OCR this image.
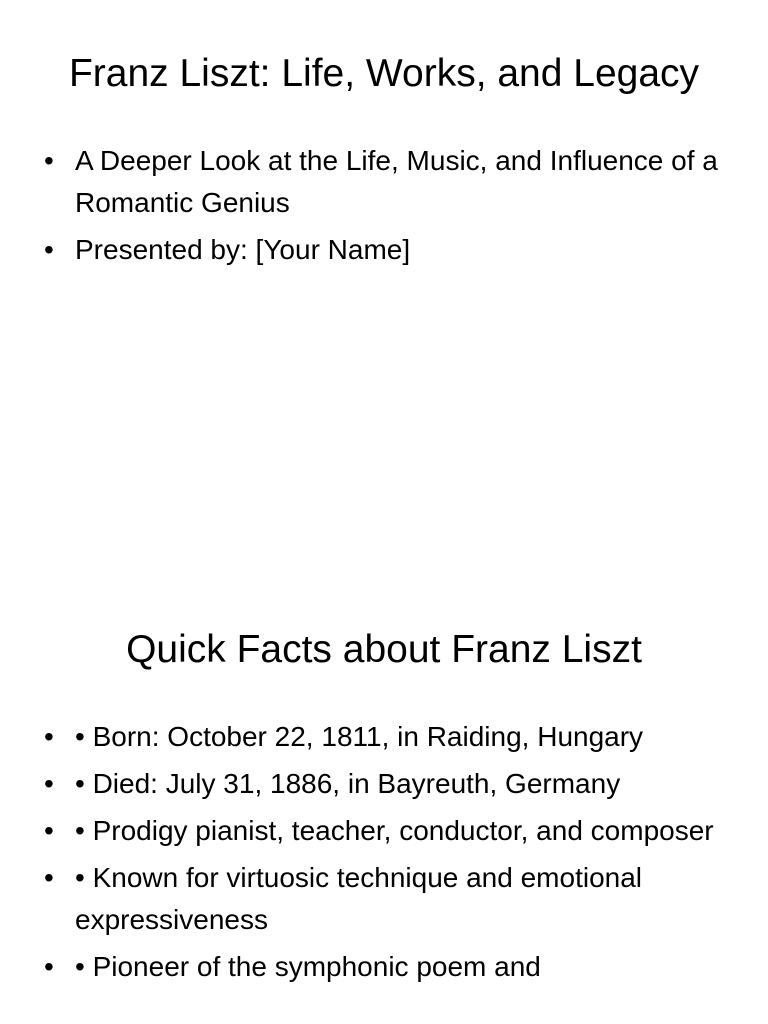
Franz Liszt: Life, Works, and Legacy
• A Deeper Look at the Life, Music, and Influence of a Romantic Genius
• Presented by: [Your Name]
Quick Facts about Franz Liszt
• • Born: October 22, 1811, in Raiding, Hungary
• • Died: July 31, 1886, in Bayreuth, Germany
• • Prodigy pianist, teacher, conductor, and composer
• • Known for virtuosic technique and emotional expressiveness
• • Pioneer of the symphonic poem and
